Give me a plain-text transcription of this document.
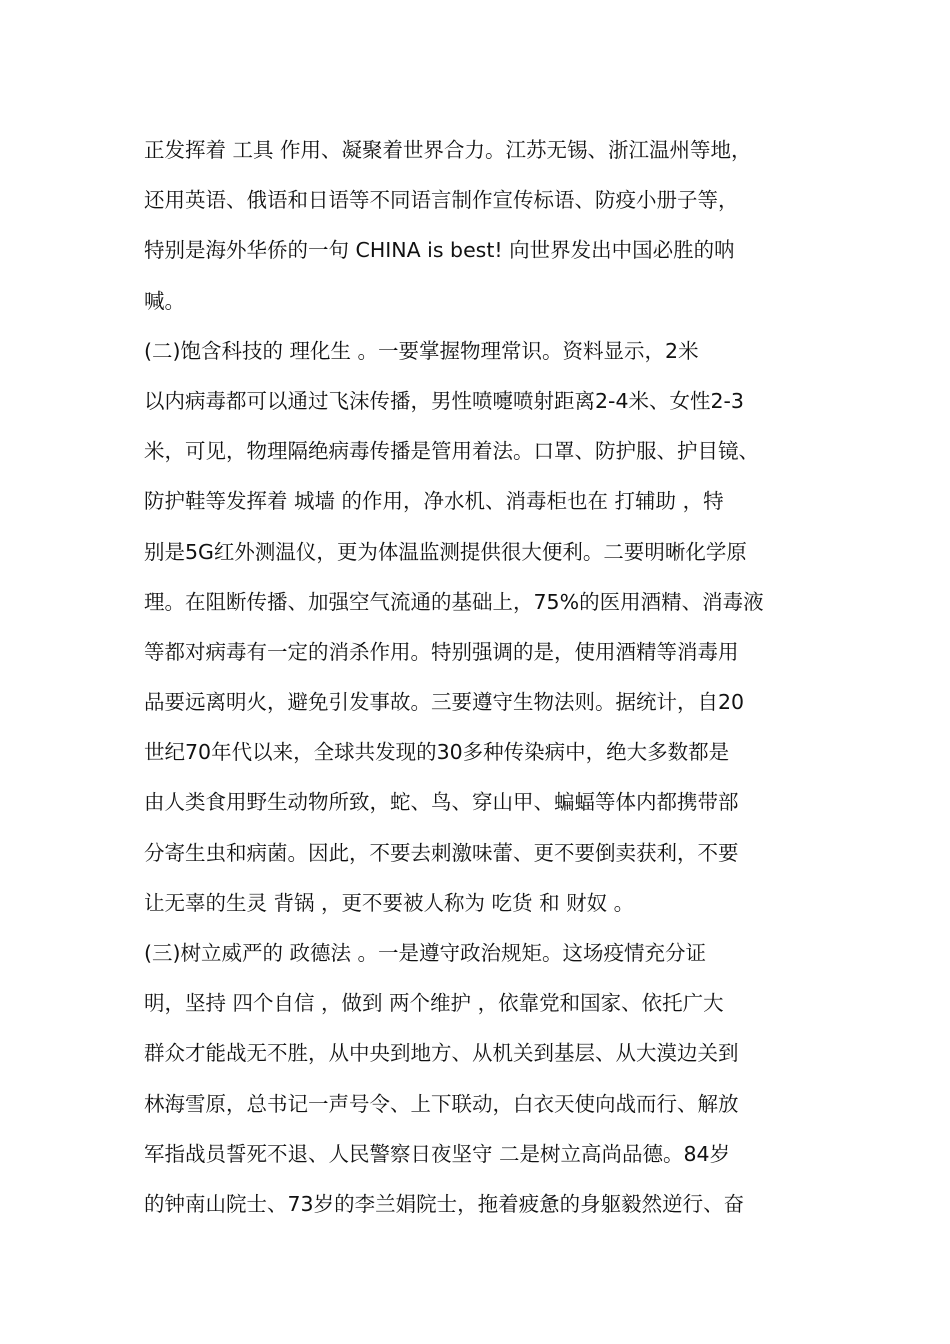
正发挥着 工具 作用、凝聚着世界合力。江苏无锡、浙江温州等地，
还用英语、俄语和日语等不同语言制作宣传标语、防疫小册子等，
特别是海外华侨的一句 CHINA is best! 向世界发出中国必胜的呐
喊。
(二)饱含科技的 理化生 。一要掌握物理常识。资料显示，2米
以内病毒都可以通过飞沫传播，男性喷嚏喷射距离2-4米、女性2-3
米，可见，物理隔绝病毒传播是管用着法。口罩、防护服、护目镜、
防护鞋等发挥着 城墙 的作用，净水机、消毒柜也在 打辅助 ，特
别是5G红外测温仪，更为体温监测提供很大便利。二要明晰化学原
理。在阻断传播、加强空气流通的基础上，75%的医用酒精、消毒液
等都对病毒有一定的消杀作用。特别强调的是，使用酒精等消毒用
品要远离明火，避免引发事故。三要遵守生物法则。据统计，自20
世纪70年代以来，全球共发现的30多种传染病中，绝大多数都是
由人类食用野生动物所致，蛇、鸟、穿山甲、蝙蝠等体内都携带部
分寄生虫和病菌。因此，不要去刺激味蕾、更不要倒卖获利，不要
让无辜的生灵 背锅 ，更不要被人称为 吃货 和 财奴 。
(三)树立威严的 政德法 。一是遵守政治规矩。这场疫情充分证
明，坚持 四个自信 ，做到 两个维护 ，依靠党和国家、依托广大
群众才能战无不胜，从中央到地方、从机关到基层、从大漠边关到
林海雪原，总书记一声号令、上下联动，白衣天使向战而行、解放
军指战员誓死不退、人民警察日夜坚守 二是树立高尚品德。84岁
的钟南山院士、73岁的李兰娟院士，拖着疲惫的身躯毅然逆行、奋
